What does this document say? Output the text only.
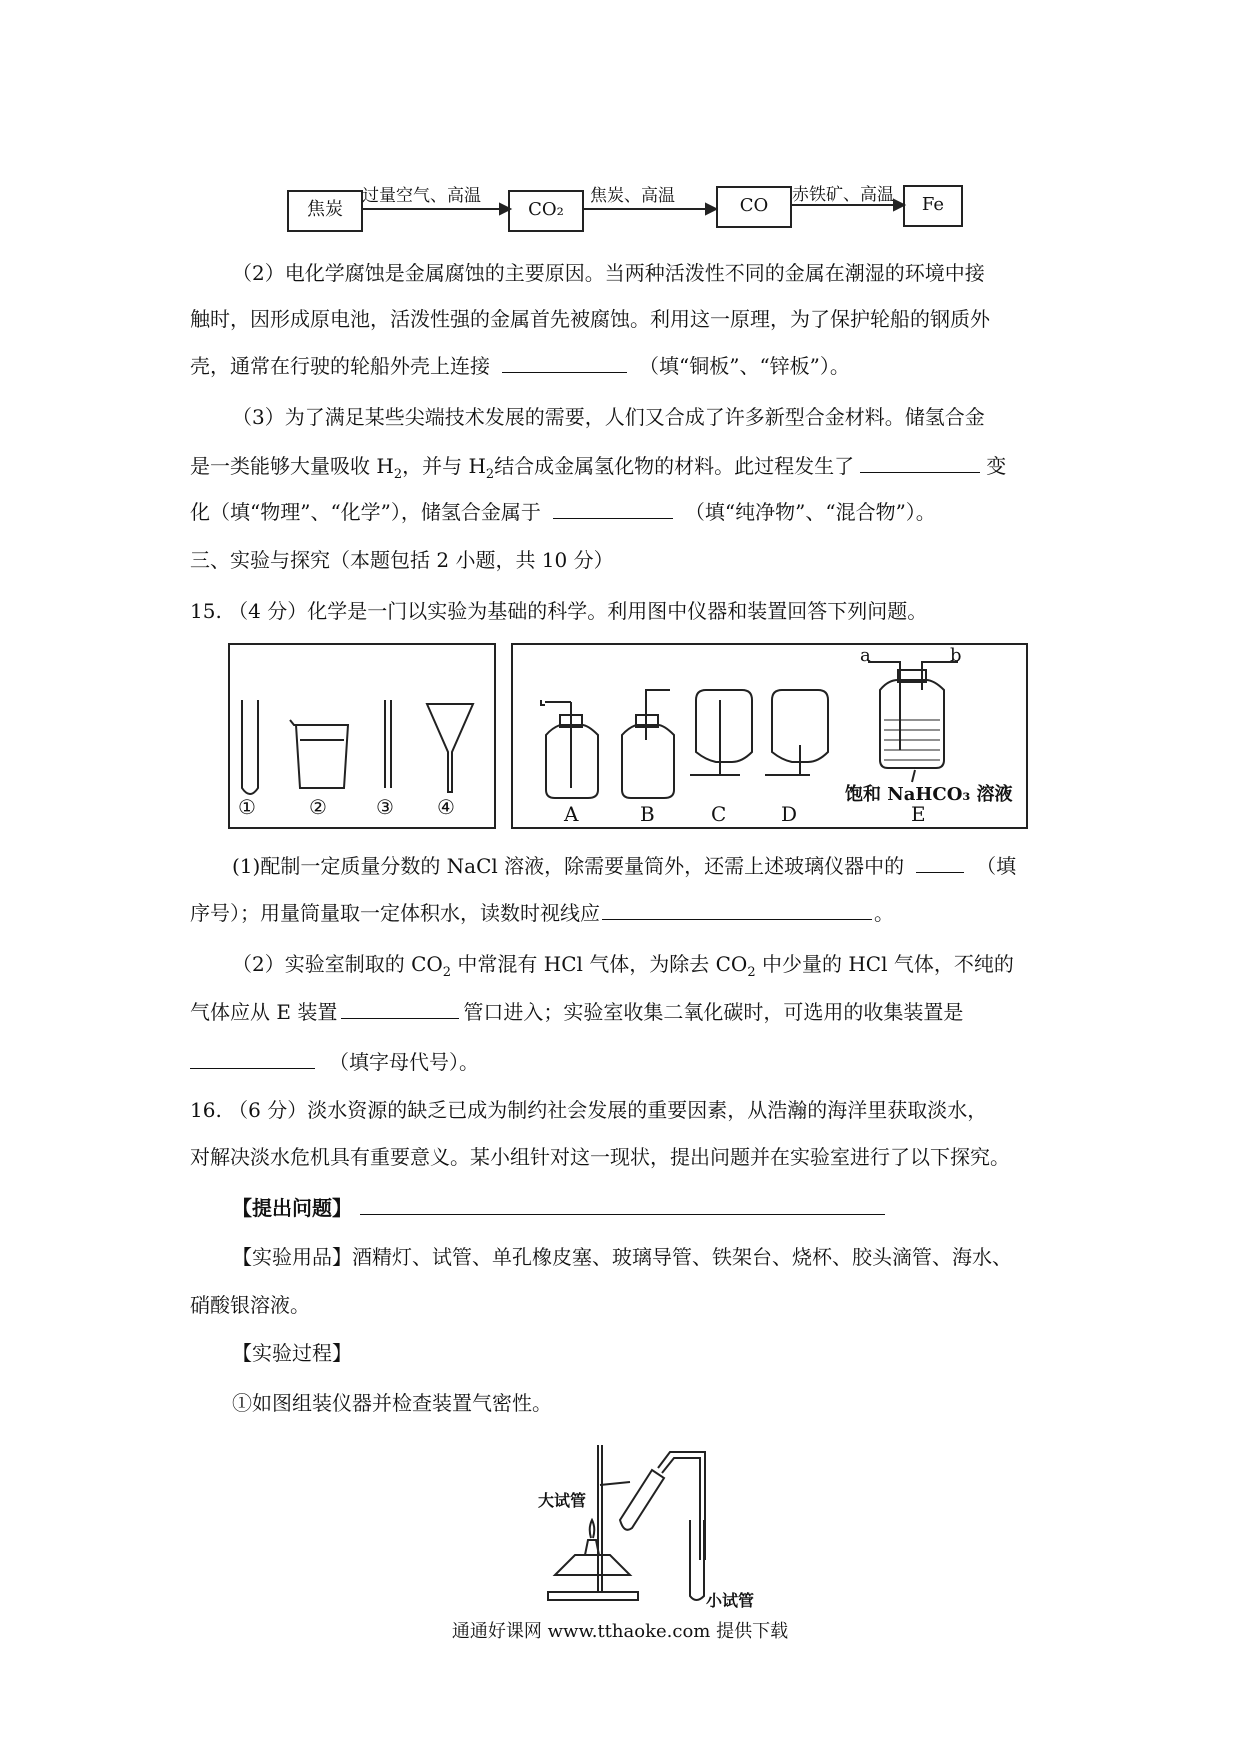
焦炭	CO₂	CO	Fe
过量空气、高温	焦炭、高温	赤铁矿、高温
（2）电化学腐蚀是金属腐蚀的主要原因。当两种活泼性不同的金属在潮湿的环境中接
触时，因形成原电池，活泼性强的金属首先被腐蚀。利用这一原理，为了保护轮船的钢质外
壳，通常在行驶的轮船外壳上连接	（填“铜板”、“锌板”）。
（3）为了满足某些尖端技术发展的需要，人们又合成了许多新型合金材料。储氢合金
是一类能够大量吸收 $H_2$，并与 $H_2$结合成金属氢化物的材料。此过程发生了	变
化（填“物理”、“化学”），储氢合金属于	（填“纯净物”、“混合物”）。
三、实验与探究（本题包括 2 小题，共 10 分）
15. （4 分）化学是一门以实验为基础的科学。利用图中仪器和装置回答下列问题。
①	② ③ ④
a	b
A	B	C	D	E
饱和 NaHCO₃ 溶液
(1)配制一定质量分数的 NaCl 溶液，除需要量筒外，还需上述玻璃仪器中的	（填
序号）；用量筒量取一定体积水，读数时视线应	。
（2）实验室制取的 $CO_2$ 中常混有 HCl 气体，为除去 $CO_2$ 中少量的 HCl 气体，不纯的
气体应从 E 装置	管口进入；实验室收集二氧化碳时，可选用的收集装置是
（填字母代号）。
16. （6 分）淡水资源的缺乏已成为制约社会发展的重要因素，从浩瀚的海洋里获取淡水，
对解决淡水危机具有重要意义。某小组针对这一现状，提出问题并在实验室进行了以下探究。
【提出问题】
【实验用品】酒精灯、试管、单孔橡皮塞、玻璃导管、铁架台、烧杯、胶头滴管、海水、
硝酸银溶液。
【实验过程】
①如图组装仪器并检查装置气密性。
大试管
小试管
通通好课网 www.tthaoke.com 提供下载
